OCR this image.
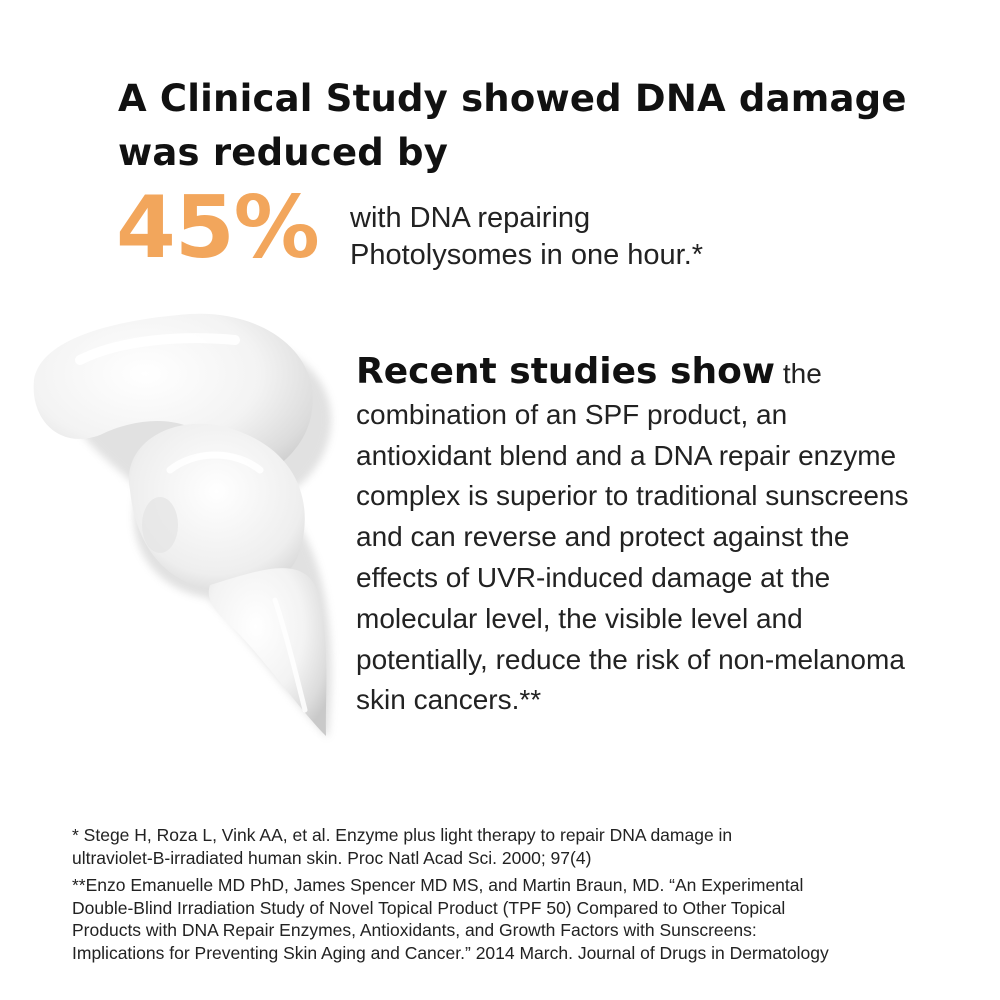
A Clinical Study showed DNA damage
was reduced by
45% with DNA repairing
Photolysomes in one hour.*

Recent studies show the
combination of an SPF product, an
antioxidant blend and a DNA repair enzyme
complex is superior to traditional sunscreens
and can reverse and protect against the
effects of UVR-induced damage at the
molecular level, the visible level and
potentially, reduce the risk of non-melanoma
skin cancers.**

* Stege H, Roza L, Vink AA, et al. Enzyme plus light therapy to repair DNA damage in
ultraviolet-B-irradiated human skin. Proc Natl Acad Sci. 2000; 97(4)

**Enzo Emanuelle MD PhD, James Spencer MD MS, and Martin Braun, MD. “An Experimental
Double-Blind Irradiation Study of Novel Topical Product (TPF 50) Compared to Other Topical
Products with DNA Repair Enzymes, Antioxidants, and Growth Factors with Sunscreens:
Implications for Preventing Skin Aging and Cancer.” 2014 March. Journal of Drugs in Dermatology
